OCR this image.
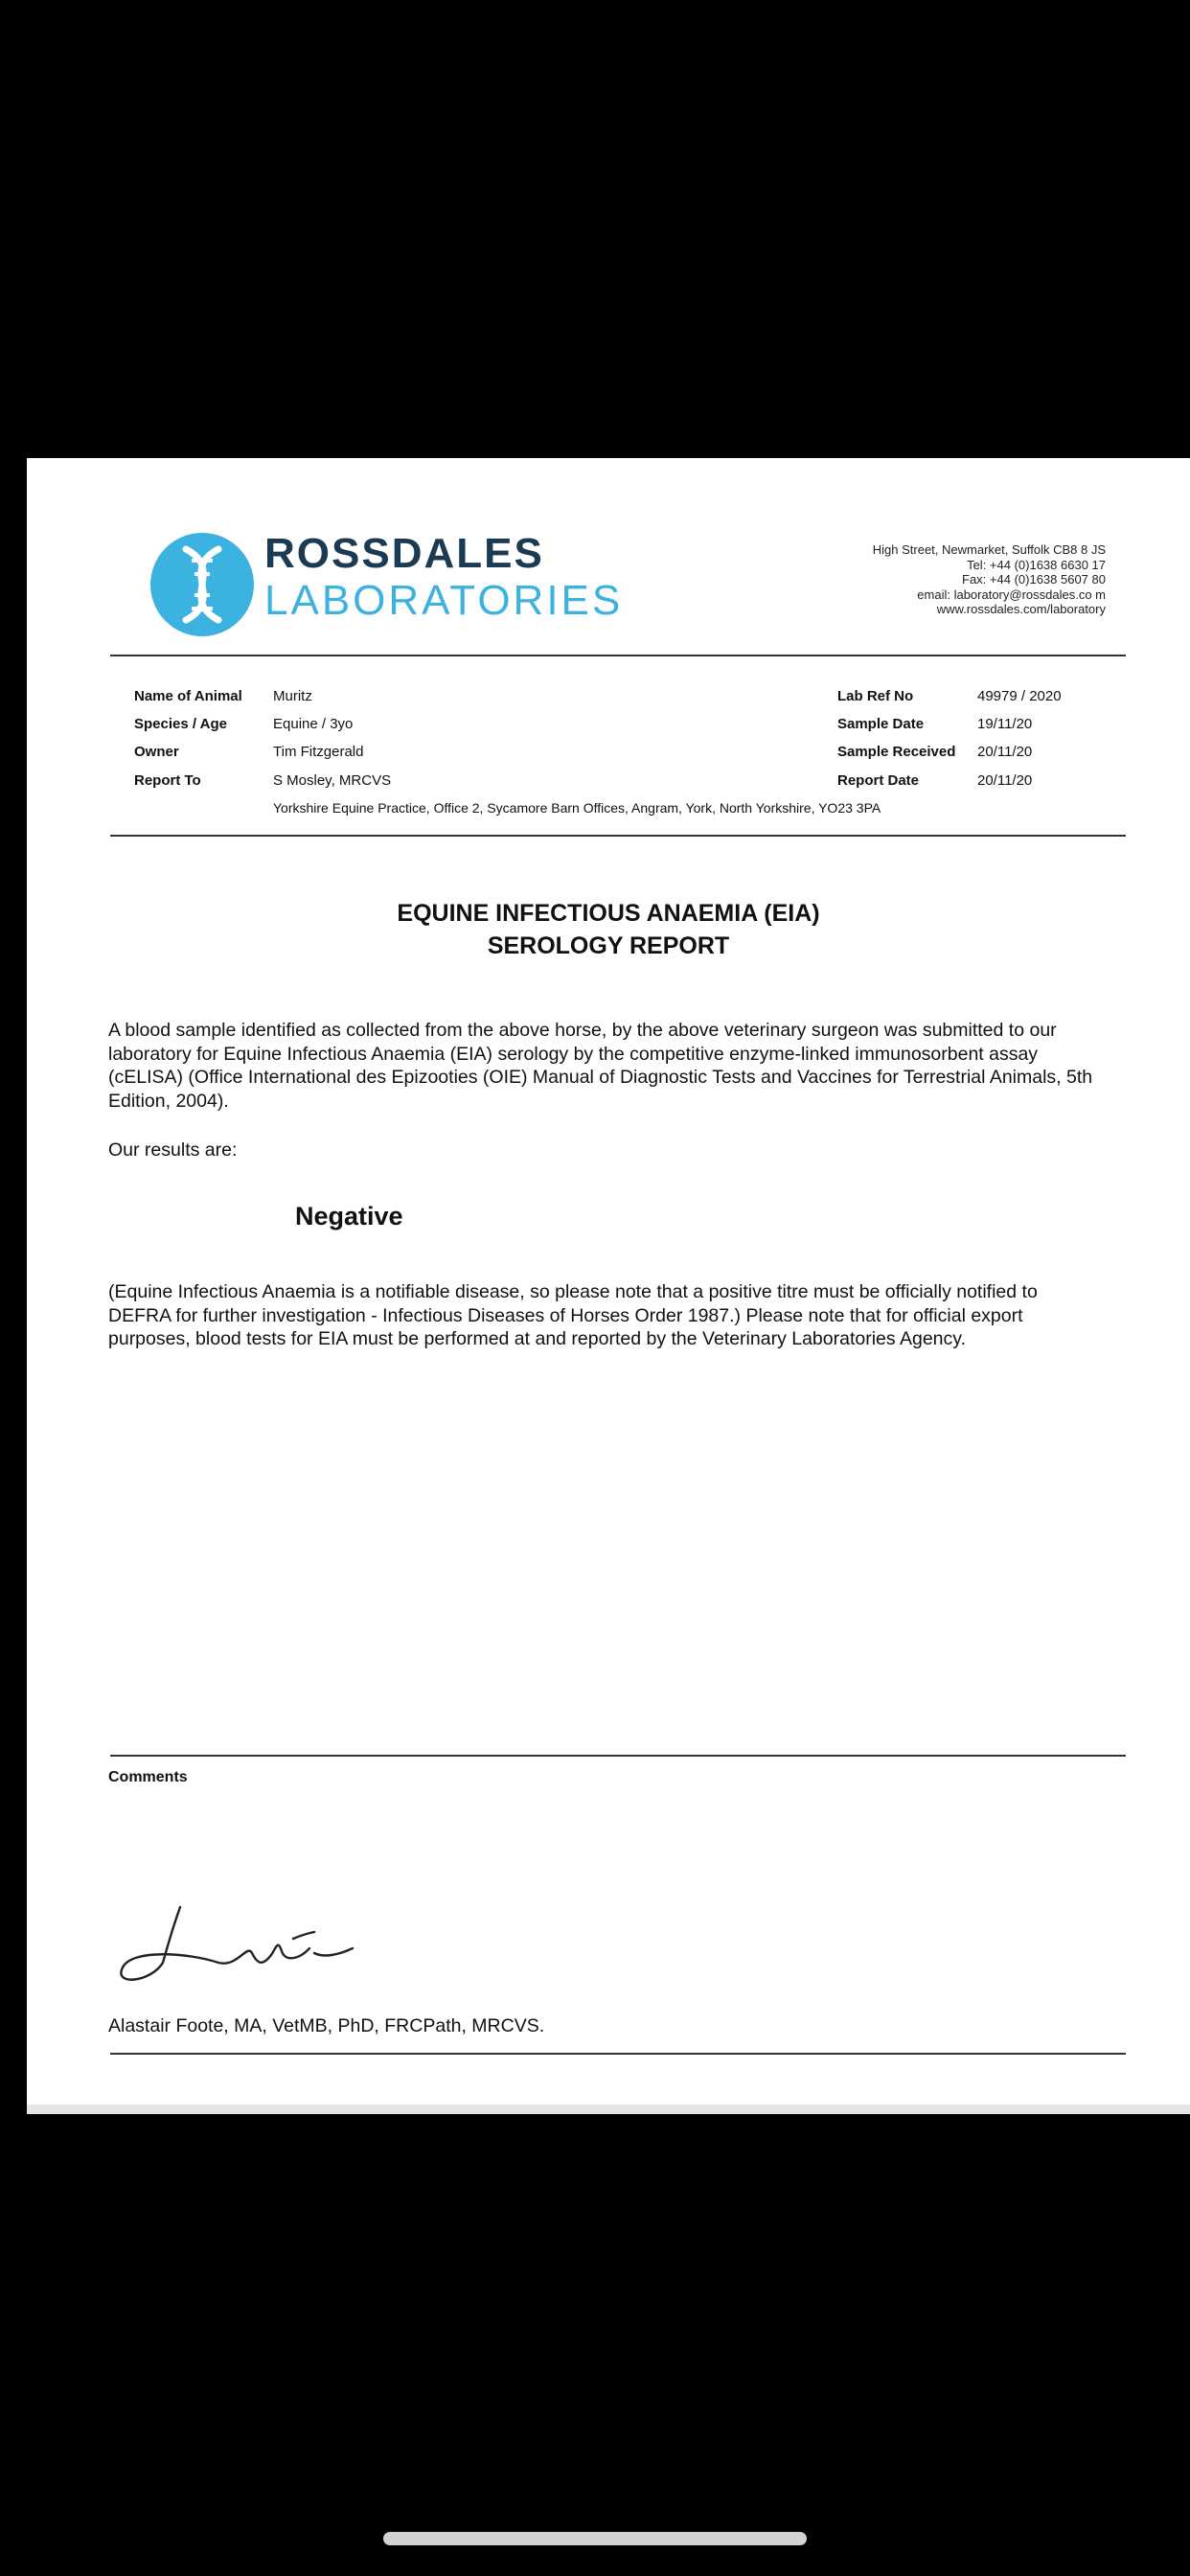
ROSSDALES
LABORATORIES
High Street, Newmarket, Suffolk CB8 8 JS
Tel: +44 (0)1638 6630 17
Fax: +44 (0)1638 5607 80
email: laboratory@rossdales.co m
www.rossdales.com/laboratory
Name of Animal Muritz
Species / Age	Equine / 3yo
Owner	Tim Fitzgerald
Report To	S Mosley, MRCVS
Yorkshire Equine Practice, Office 2, Sycamore Barn Offices, Angram, York, North Yorkshire, YO23 3PA
Lab Ref No	49979 / 2020
Sample Date	19/11/20
Sample Received 20/11/20
Report Date	20/11/20
EQUINE INFECTIOUS ANAEMIA (EIA)
SEROLOGY REPORT
A blood sample identified as collected from the above horse, by the above veterinary surgeon was submitted to our laboratory for Equine Infectious Anaemia (EIA) serology by the competitive enzyme-linked immunosorbent assay (cELISA) (Office International des Epizooties (OIE) Manual of Diagnostic Tests and Vaccines for Terrestrial Animals, 5th Edition, 2004).
Our results are:
Negative
(Equine Infectious Anaemia is a notifiable disease, so please note that a positive titre must be officially notified to DEFRA for further investigation - Infectious Diseases of Horses Order 1987.) Please note that for official export purposes, blood tests for EIA must be performed at and reported by the Veterinary Laboratories Agency.
Comments
Alastair Foote, MA, VetMB, PhD, FRCPath, MRCVS.
